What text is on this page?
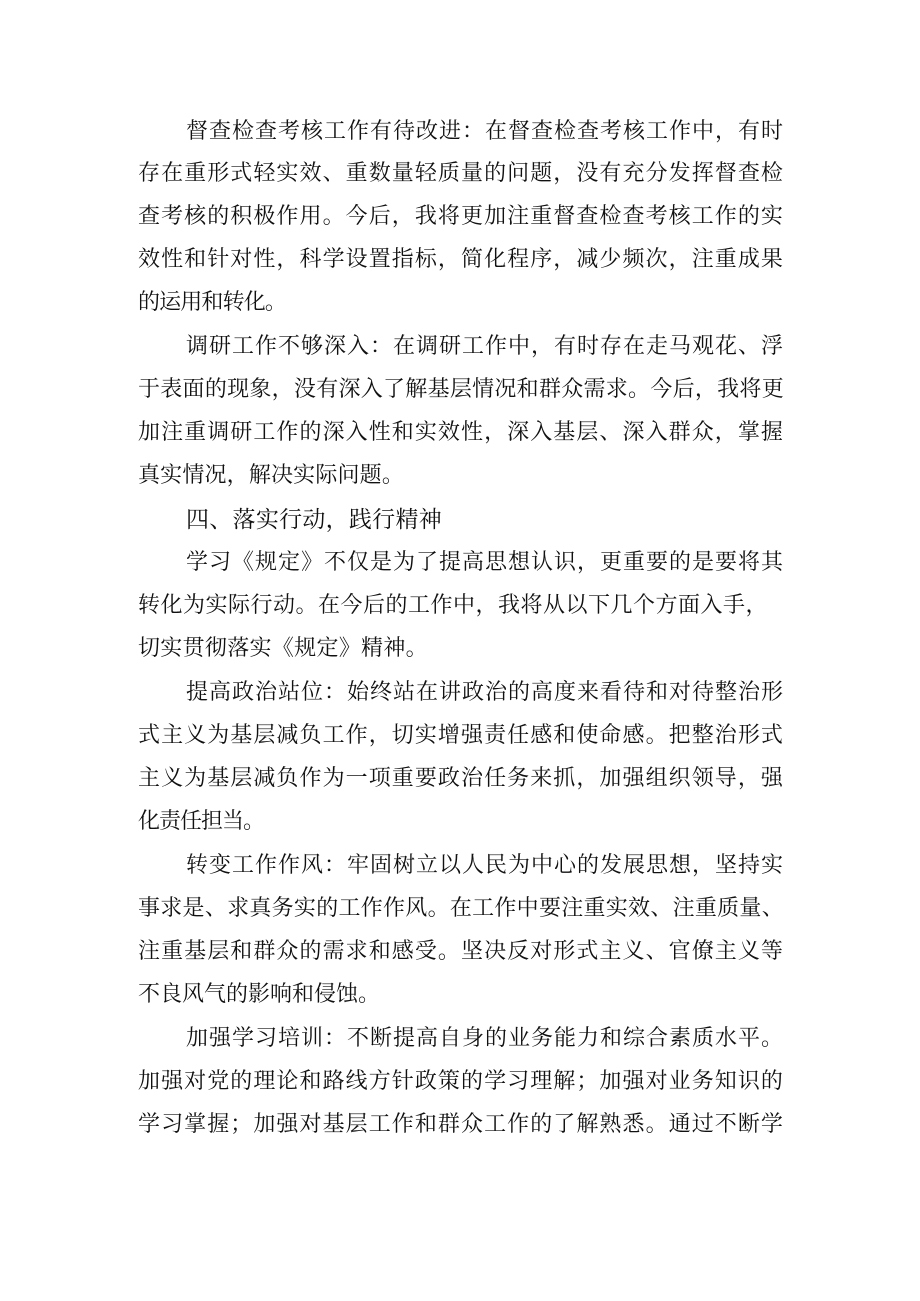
督查检查考核工作有待改进：在督查检查考核工作中，有时
存在重形式轻实效、重数量轻质量的问题，没有充分发挥督查检
查考核的积极作用。今后，我将更加注重督查检查考核工作的实
效性和针对性，科学设置指标，简化程序，减少频次，注重成果
的运用和转化。
调研工作不够深入：在调研工作中，有时存在走马观花、浮
于表面的现象，没有深入了解基层情况和群众需求。今后，我将更
加注重调研工作的深入性和实效性，深入基层、深入群众，掌握
真实情况，解决实际问题。
四、落实行动，践行精神
学习《规定》不仅是为了提高思想认识，更重要的是要将其
转化为实际行动。在今后的工作中，我将从以下几个方面入手，
切实贯彻落实《规定》精神。
提高政治站位：始终站在讲政治的高度来看待和对待整治形
式主义为基层减负工作，切实增强责任感和使命感。把整治形式
主义为基层减负作为一项重要政治任务来抓，加强组织领导，强
化责任担当。
转变工作作风：牢固树立以人民为中心的发展思想，坚持实
事求是、求真务实的工作作风。在工作中要注重实效、注重质量、
注重基层和群众的需求和感受。坚决反对形式主义、官僚主义等
不良风气的影响和侵蚀。
加强学习培训：不断提高自身的业务能力和综合素质水平。
加强对党的理论和路线方针政策的学习理解；加强对业务知识的
学习掌握；加强对基层工作和群众工作的了解熟悉。通过不断学
